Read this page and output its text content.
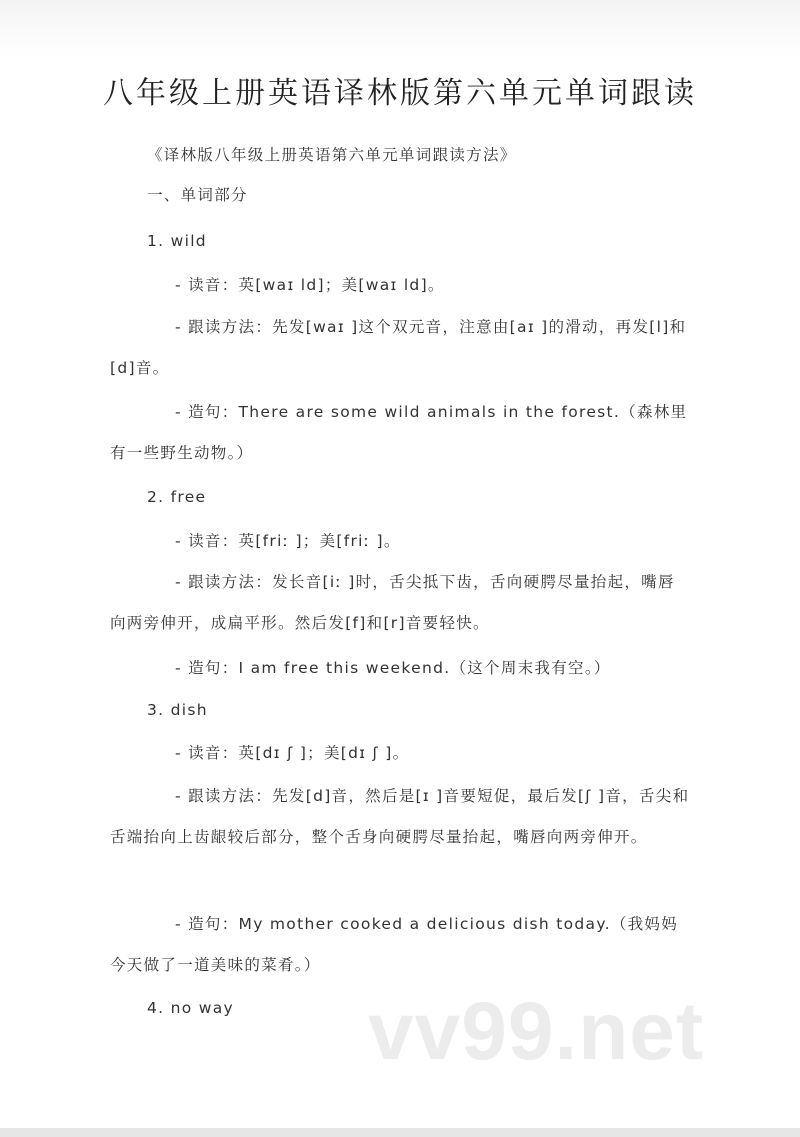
八年级上册英语译林版第六单元单词跟读
《译林版八年级上册英语第六单元单词跟读方法》
一、单词部分
1. wild
- 读音：英[waɪ ld]；美[waɪ ld]。
- 跟读方法：先发[waɪ ]这个双元音，注意由[aɪ ]的滑动，再发[l]和[d]音。
- 造句：There are some wild animals in the forest.（森林里有一些野生动物。）
2. free
- 读音：英[friː ]；美[friː ]。
- 跟读方法：发长音[iː ]时，舌尖抵下齿，舌向硬腭尽量抬起，嘴唇向两旁伸开，成扁平形。然后发[f]和[r]音要轻快。
- 造句：I am free this weekend.（这个周末我有空。）
3. dish
- 读音：英[dɪ ʃ ]；美[dɪ ʃ ]。
- 跟读方法：先发[d]音，然后是[ɪ ]音要短促，最后发[ʃ ]音，舌尖和舌端抬向上齿龈较后部分，整个舌身向硬腭尽量抬起，嘴唇向两旁伸开。
- 造句：My mother cooked a delicious dish today.（我妈妈今天做了一道美味的菜肴。）
4. no way	vv99.net
